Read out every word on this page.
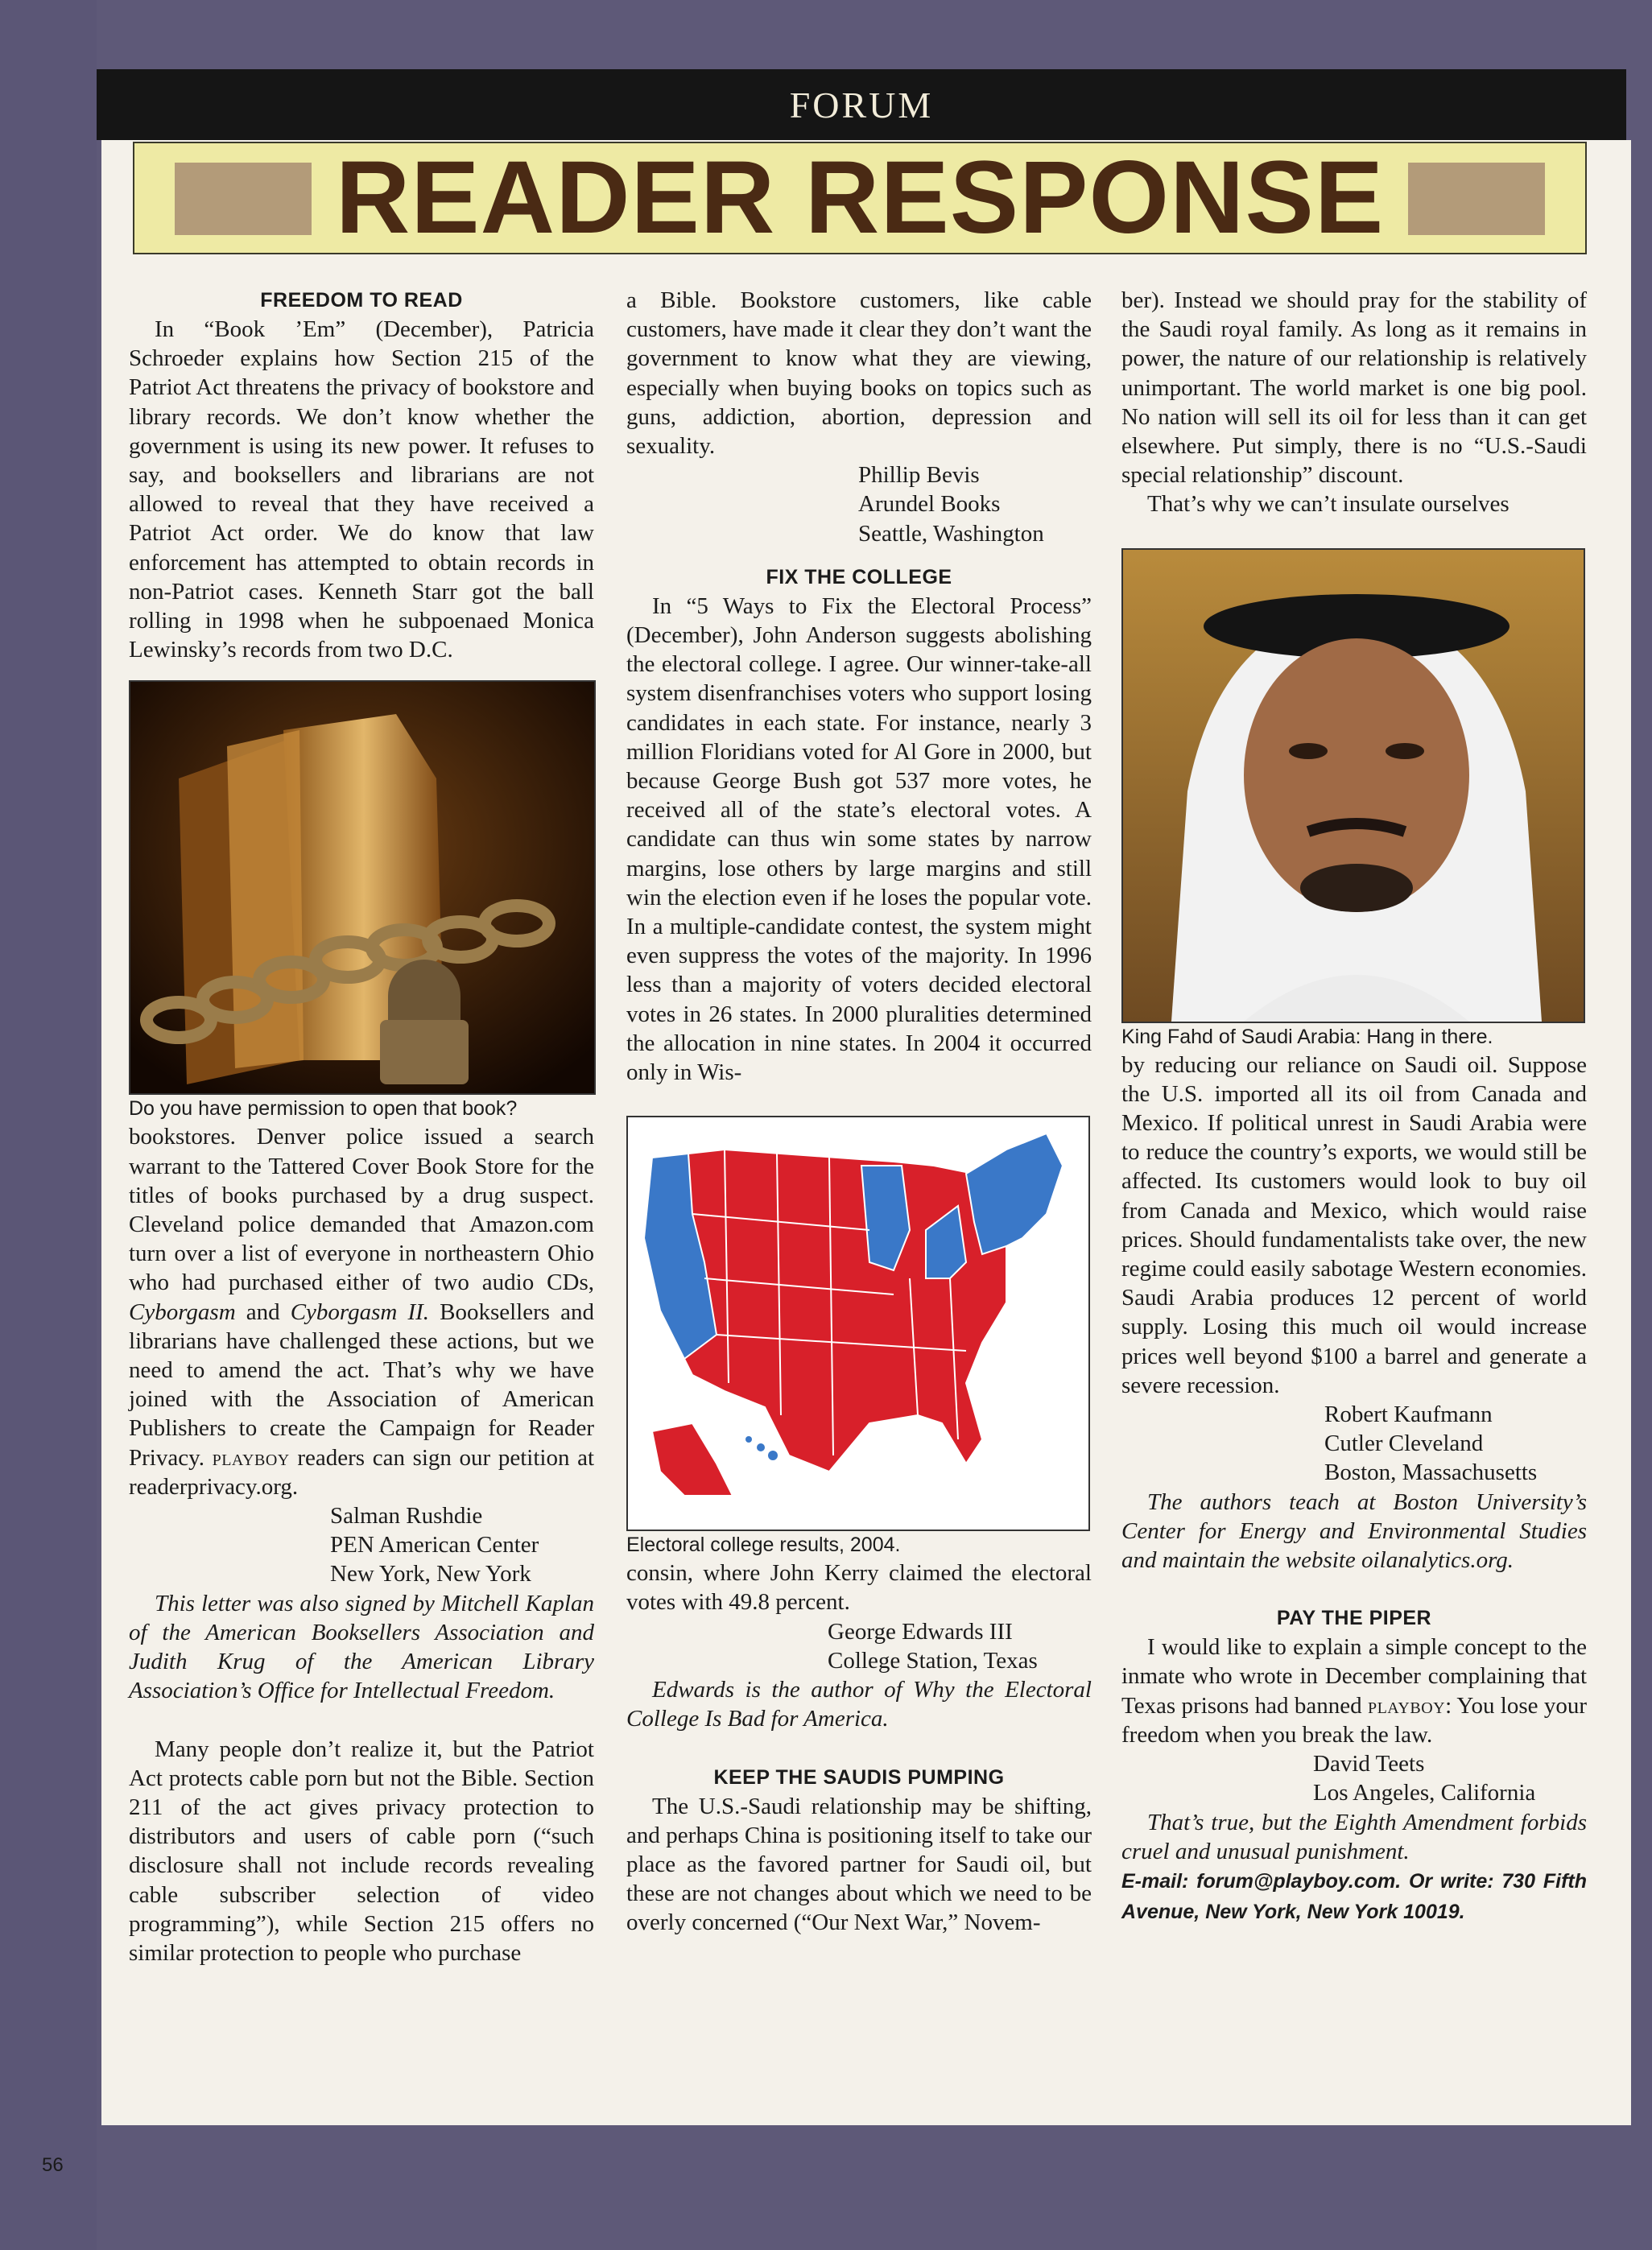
FORUM
READER RESPONSE

FREEDOM TO READ

In “Book ’Em” (December), Patricia Schroeder explains how Section 215 of the Patriot Act threatens the privacy of bookstore and library records. We don’t know whether the government is using its new power. It refuses to say, and booksellers and librarians are not allowed to reveal that they have received a Patriot Act order. We do know that law enforcement has attempted to obtain records in non-Patriot cases. Kenneth Starr got the ball rolling in 1998 when he subpoenaed Monica Lewinsky’s records from two D.C.

Do you have permission to open that book?

bookstores. Denver police issued a search warrant to the Tattered Cover Book Store for the titles of books purchased by a drug suspect. Cleveland police demanded that Amazon.com turn over a list of everyone in northeastern Ohio who had purchased either of two audio CDs, Cyborgasm and Cyborgasm II. Booksellers and librarians have challenged these actions, but we need to amend the act. That’s why we have joined with the Association of American Publishers to create the Campaign for Reader Privacy. playboy readers can sign our petition at readerprivacy.org.

Salman Rushdie

PEN American Center

New York, New York

This letter was also signed by Mitchell Kaplan of the American Booksellers Association and Judith Krug of the American Library Association’s Office for Intellectual Freedom.

Many people don’t realize it, but the Patriot Act protects cable porn but not the Bible. Section 211 of the act gives privacy protection to distributors and users of cable porn (“such disclosure shall not include records revealing cable subscriber selection of video programming”), while Section 215 offers no similar protection to people who purchase

a Bible. Bookstore customers, like cable customers, have made it clear they don’t want the government to know what they are viewing, especially when buying books on topics such as guns, addiction, abortion, depression and sexuality.

Phillip Bevis

Arundel Books

Seattle, Washington

FIX THE COLLEGE

In “5 Ways to Fix the Electoral Process” (December), John Anderson suggests abolishing the electoral college. I agree. Our winner-take-all system disenfranchises voters who support losing candidates in each state. For instance, nearly 3 million Floridians voted for Al Gore in 2000, but because George Bush got 537 more votes, he received all of the state’s electoral votes. A candidate can thus win some states by narrow margins, lose others by large margins and still win the election even if he loses the popular vote. In a multiple-candidate contest, the system might even suppress the votes of the majority. In 1996 less than a majority of voters decided electoral votes in 26 states. In 2000 pluralities determined the allocation in nine states. In 2004 it occurred only in Wis-

Electoral college results, 2004.

consin, where John Kerry claimed the electoral votes with 49.8 percent.

George Edwards III

College Station, Texas

Edwards is the author of Why the Electoral College Is Bad for America.

KEEP THE SAUDIS PUMPING

The U.S.-Saudi relationship may be shifting, and perhaps China is positioning itself to take our place as the favored partner for Saudi oil, but these are not changes about which we need to be overly concerned (“Our Next War,” Novem-

ber). Instead we should pray for the stability of the Saudi royal family. As long as it remains in power, the nature of our relationship is relatively unimportant. The world market is one big pool. No nation will sell its oil for less than it can get elsewhere. Put simply, there is no “U.S.-Saudi special relationship” discount.

That’s why we can’t insulate ourselves

King Fahd of Saudi Arabia: Hang in there.

by reducing our reliance on Saudi oil. Suppose the U.S. imported all its oil from Canada and Mexico. If political unrest in Saudi Arabia were to reduce the country’s exports, we would still be affected. Its customers would look to buy oil from Canada and Mexico, which would raise prices. Should fundamentalists take over, the new regime could easily sabotage Western economies. Saudi Arabia produces 12 percent of world supply. Losing this much oil would increase prices well beyond $100 a barrel and generate a severe recession.

Robert Kaufmann

Cutler Cleveland

Boston, Massachusetts

The authors teach at Boston University’s Center for Energy and Environmental Studies and maintain the website oilanalytics.org.

PAY THE PIPER

I would like to explain a simple concept to the inmate who wrote in December complaining that Texas prisons had banned playboy: You lose your freedom when you break the law.

David Teets

Los Angeles, California

That’s true, but the Eighth Amendment forbids cruel and unusual punishment.

E-mail: forum@playboy.com. Or write: 730 Fifth Avenue, New York, New York 10019.

56
